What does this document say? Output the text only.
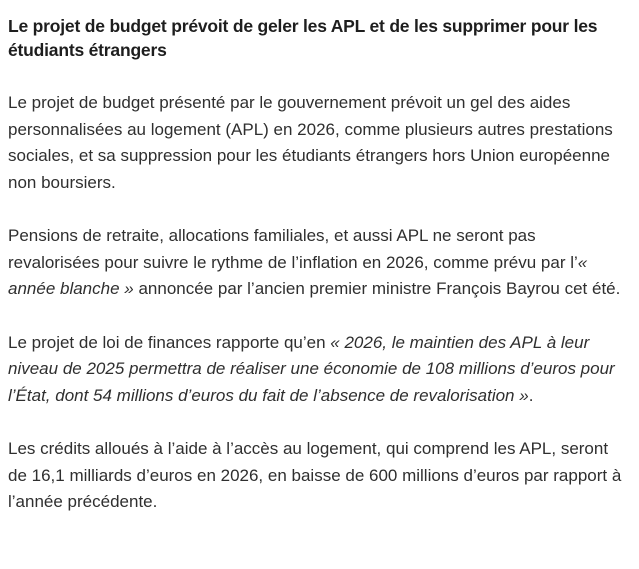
Le projet de budget prévoit de geler les APL et de les supprimer pour les étudiants étrangers

Le projet de budget présenté par le gouvernement prévoit un gel des aides personnalisées au logement (APL) en 2026, comme plusieurs autres prestations sociales, et sa suppression pour les étudiants étrangers hors Union européenne non boursiers.

Pensions de retraite, allocations familiales, et aussi APL ne seront pas revalorisées pour suivre le rythme de l’inflation en 2026, comme prévu par l’« année blanche » annoncée par l’ancien premier ministre François Bayrou cet été.

Le projet de loi de finances rapporte qu’en « 2026, le maintien des APL à leur niveau de 2025 permettra de réaliser une économie de 108 millions d’euros pour l’État, dont 54 millions d’euros du fait de l’absence de revalorisation ».

Les crédits alloués à l’aide à l’accès au logement, qui comprend les APL, seront de 16,1 milliards d’euros en 2026, en baisse de 600 millions d’euros par rapport à l’année précédente.
